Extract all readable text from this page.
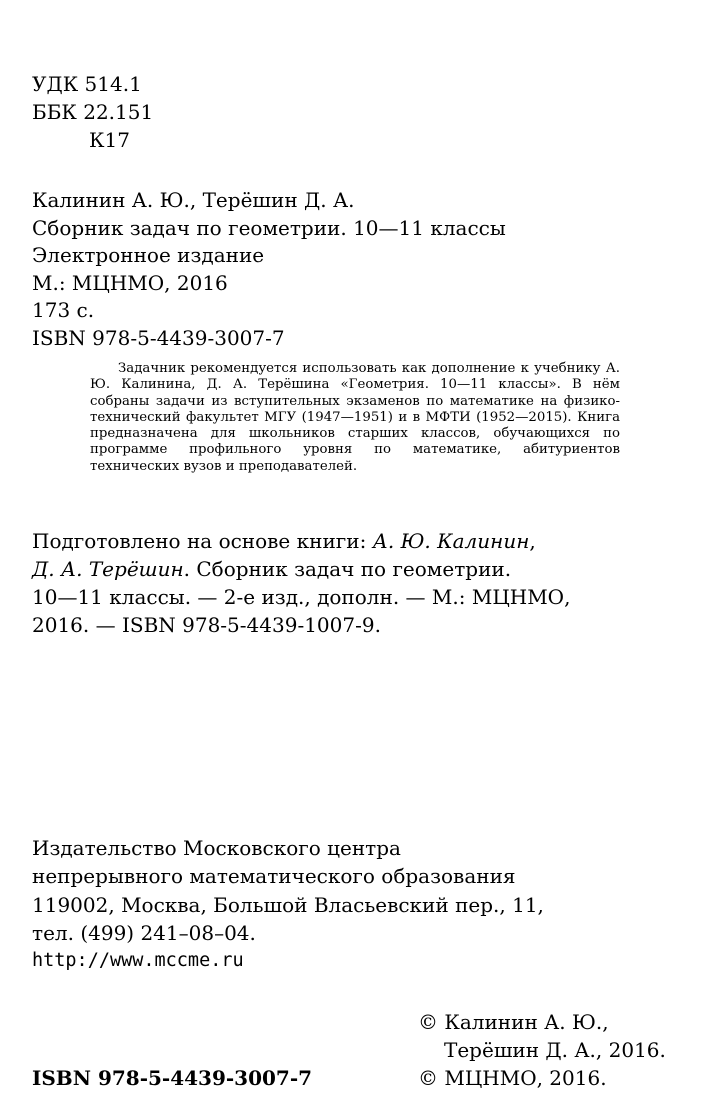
УДК 514.1
ББК 22.151
К17
Калинин А. Ю., Терёшин Д. А.
Сборник задач по геометрии. 10—11 классы
Электронное издание
М.: МЦНМО, 2016
173 с.
ISBN 978-5-4439-3007-7
Задачник рекомендуется использовать как дополнение к учебнику А. Ю. Калинина, Д. А. Терёшина «Геометрия. 10—11 классы». В нём собраны задачи из вступительных экзаменов по математике на физико-технический факультет МГУ (1947—1951) и в МФТИ (1952—2015). Книга предназначена для школьников старших классов, обучающихся по программе профильного уровня по математике, абитуриентов технических вузов и преподавателей.
Подготовлено на основе книги: А. Ю. Калинин,
Д. А. Терёшин. Сборник задач по геометрии.
10—11 классы. — 2-е изд., дополн. — М.: МЦНМО,
2016. — ISBN 978-5-4439-1007-9.
Издательство Московского центра
непрерывного математического образования
119002, Москва, Большой Власьевский пер., 11,
тел. (499) 241–08–04.
http://www.mccme.ru
© Калинин А. Ю.,
Терёшин Д. А., 2016.
ISBN 978-5-4439-3007-7	© МЦНМО, 2016.
